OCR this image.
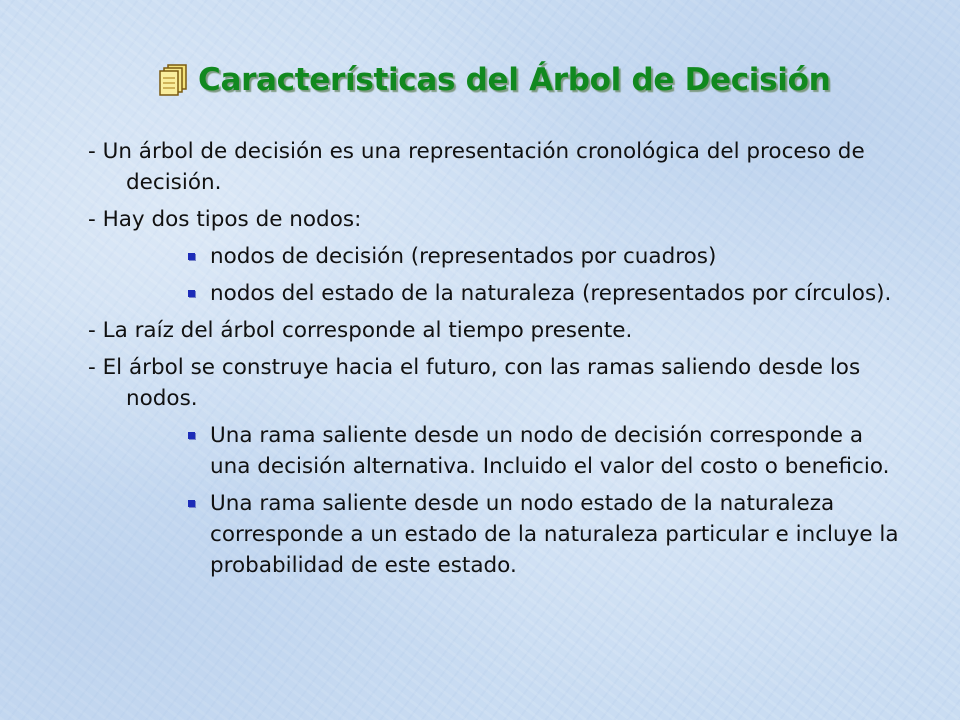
Características del Árbol de Decisión
- Un árbol de decisión es una representación cronológica del proceso de decisión.
- Hay dos tipos de nodos:
nodos de decisión (representados por cuadros)
nodos del estado de la naturaleza (representados por círculos).
- La raíz del árbol corresponde al tiempo presente.
- El árbol se construye hacia el futuro, con las ramas saliendo desde los nodos.
Una rama saliente desde un nodo de decisión corresponde a una decisión alternativa. Incluido el valor del costo o beneficio.
Una rama saliente desde un nodo estado de la naturaleza corresponde a un estado de la naturaleza particular e incluye la probabilidad de este estado.
